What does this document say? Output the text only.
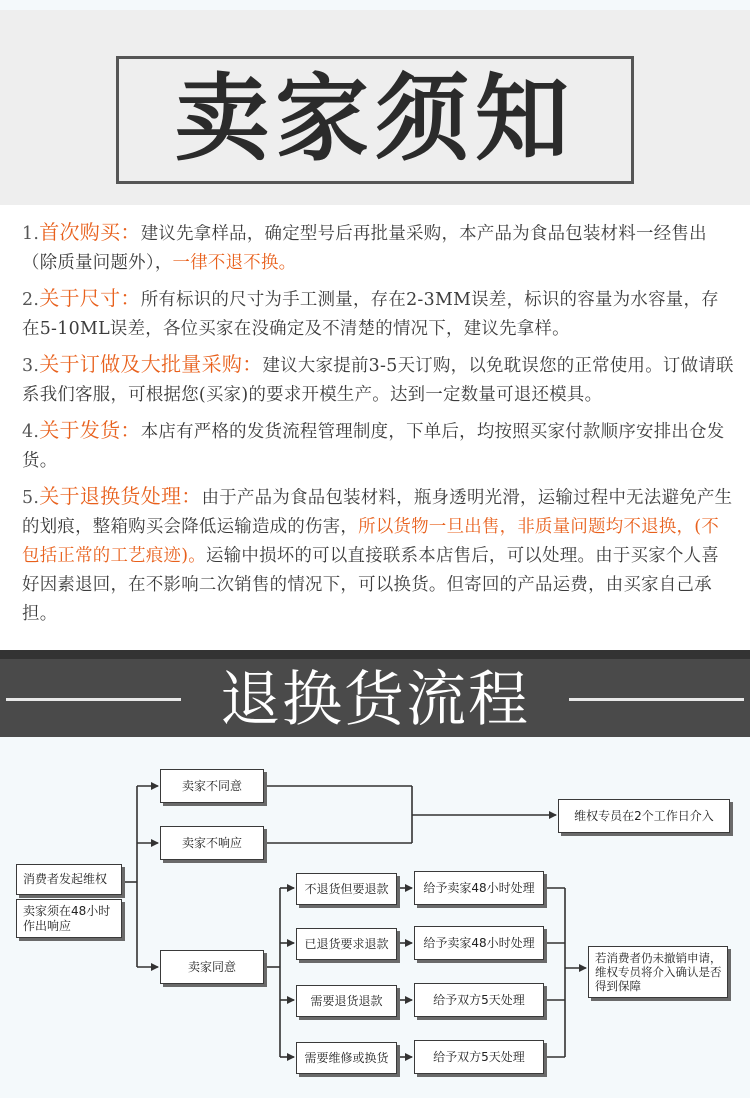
卖家须知

1.首次购买：建议先拿样品，确定型号后再批量采购，本产品为食品包装材料一经售出（除质量问题外），一律不退不换。

2.关于尺寸：所有标识的尺寸为手工测量，存在2-3MM误差，标识的容量为水容量，存在5-10ML误差，各位买家在没确定及不清楚的情况下，建议先拿样。

3.关于订做及大批量采购：建议大家提前3-5天订购，以免耽误您的正常使用。订做请联系我们客服，可根据您(买家)的要求开模生产。达到一定数量可退还模具。

4.关于发货：本店有严格的发货流程管理制度，下单后，均按照买家付款顺序安排出仓发货。

5.关于退换货处理：由于产品为食品包装材料，瓶身透明光滑，运输过程中无法避免产生的划痕，整箱购买会降低运输造成的伤害，所以货物一旦出售，非质量问题均不退换，(不包括正常的工艺痕迹)。运输中损坏的可以直接联系本店售后，可以处理。由于买家个人喜好因素退回，在不影响二次销售的情况下，可以换货。但寄回的产品运费，由买家自己承担。

退换货流程
消费者发起维权
卖家须在48小时作出响应
卖家不同意
卖家不响应
卖家同意
维权专员在2个工作日介入
不退货但要退款
已退货要求退款
需要退货退款
需要维修或换货
给予卖家48小时处理
给予卖家48小时处理
给予双方5天处理
给予双方5天处理
若消费者仍未撤销申请，维权专员将介入确认是否得到保障
